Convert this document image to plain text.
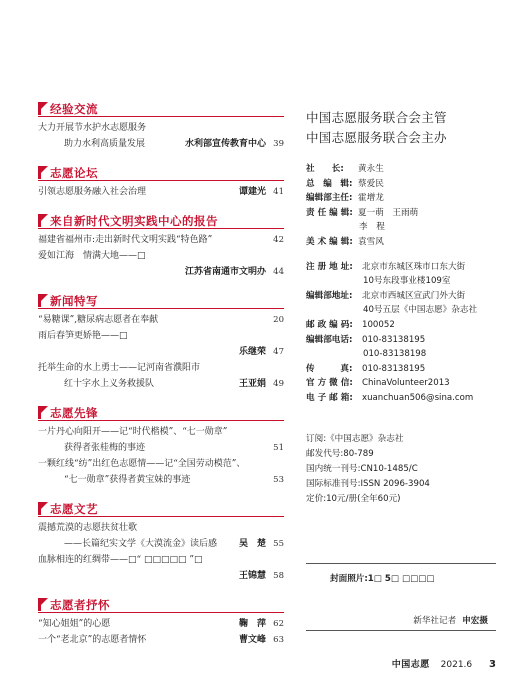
经验交流
大力开展节水护水志愿服务
助力水利高质量发展	水利部宣传教育中心 39
志愿论坛
引领志愿服务融入社会治理	谭建光 41
来自新时代文明实践中心的报告
福建省福州市:走出新时代文明实践“特色路”	42
爱如江海　情满大地——□
江苏省南通市文明办 44
新闻特写
“易糖课”,糖尿病志愿者在奉献	20
雨后春笋更娇艳——□
乐继荣 47
托举生命的水上勇士——记河南省濮阳市
红十字水上义务救援队	王亚娟 49
志愿先锋
一片丹心向阳开——记“时代楷模”、“七一勋章”
获得者张桂梅的事迹	51
一颗红线“纺”出红色志愿情——记“全国劳动模范”、
“七一勋章”获得者黄宝妹的事迹	53
志愿文艺
震撼荒漠的志愿扶贫壮歌
——长篇纪实文学《大漠流金》读后感 吴　楚 55
血脉相连的红绸带——□“ □□□□□ ”□
王锦慧 58
志愿者抒怀
“知心姐姐”的心愿	鞠　萍 62
一个“老北京”的志愿者情怀	曹文峰 63
中国志愿服务联合会主管
中国志愿服务联合会主办
社　　长: 黄永生
总　编　辑: 蔡爱民
编辑部主任: 霍增龙
责 任 编 辑: 夏一萌　王雨萌
李　程
美 术 编 辑: 袁雪风
注 册 地 址: 北京市东城区珠市口东大街
10号东段事业楼109室
编辑部地址: 北京市西城区宣武门外大街
40号五层《中国志愿》杂志社
邮 政 编 码: 100052
编辑部电话: 010-83138195
010-83138198
传　　　真: 010-83138195
官 方 微 信: ChinaVolunteer2013
电 子 邮 箱: xuanchuan506@sina.com
订阅:《中国志愿》杂志社
邮发代号:80-789
国内统一刊号:CN10-1485/C
国际标准刊号:ISSN 2096-3904
定价:10元/册(全年60元)
封面照片:1□ 5□ □□□□
新华社记者 申宏摄
中国志愿 2021.6 3
